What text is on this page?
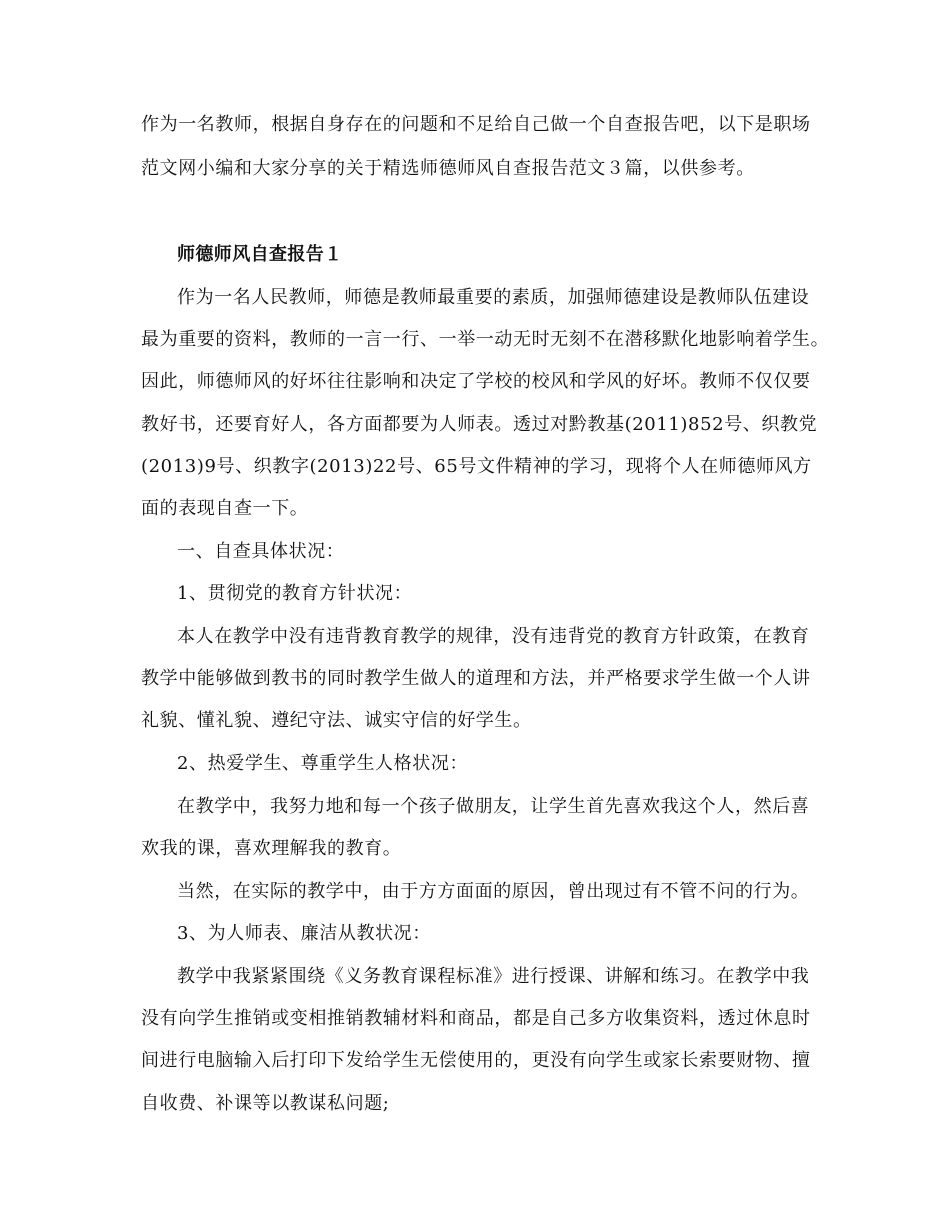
作为一名教师，根据自身存在的问题和不足给自己做一个自查报告吧，以下是职场
范文网小编和大家分享的关于精选师德师风自查报告范文３篇，以供参考。
师德师风自查报告１
作为一名人民教师，师德是教师最重要的素质，加强师德建设是教师队伍建设
最为重要的资料，教师的一言一行、一举一动无时无刻不在潜移默化地影响着学生。
因此，师德师风的好坏往往影响和决定了学校的校风和学风的好坏。教师不仅仅要
教好书，还要育好人，各方面都要为人师表。透过对黔教基(2011)852号、织教党
(2013)9号、织教字(2013)22号、65号文件精神的学习，现将个人在师德师风方
面的表现自查一下。
一、自查具体状况：
1、贯彻党的教育方针状况：
本人在教学中没有违背教育教学的规律，没有违背党的教育方针政策，在教育
教学中能够做到教书的同时教学生做人的道理和方法，并严格要求学生做一个人讲
礼貌、懂礼貌、遵纪守法、诚实守信的好学生。
2、热爱学生、尊重学生人格状况：
在教学中，我努力地和每一个孩子做朋友，让学生首先喜欢我这个人，然后喜
欢我的课，喜欢理解我的教育。
当然，在实际的教学中，由于方方面面的原因，曾出现过有不管不问的行为。
3、为人师表、廉洁从教状况：
教学中我紧紧围绕《义务教育课程标准》进行授课、讲解和练习。在教学中我
没有向学生推销或变相推销教辅材料和商品，都是自己多方收集资料，透过休息时
间进行电脑输入后打印下发给学生无偿使用的，更没有向学生或家长索要财物、擅
自收费、补课等以教谋私问题;
